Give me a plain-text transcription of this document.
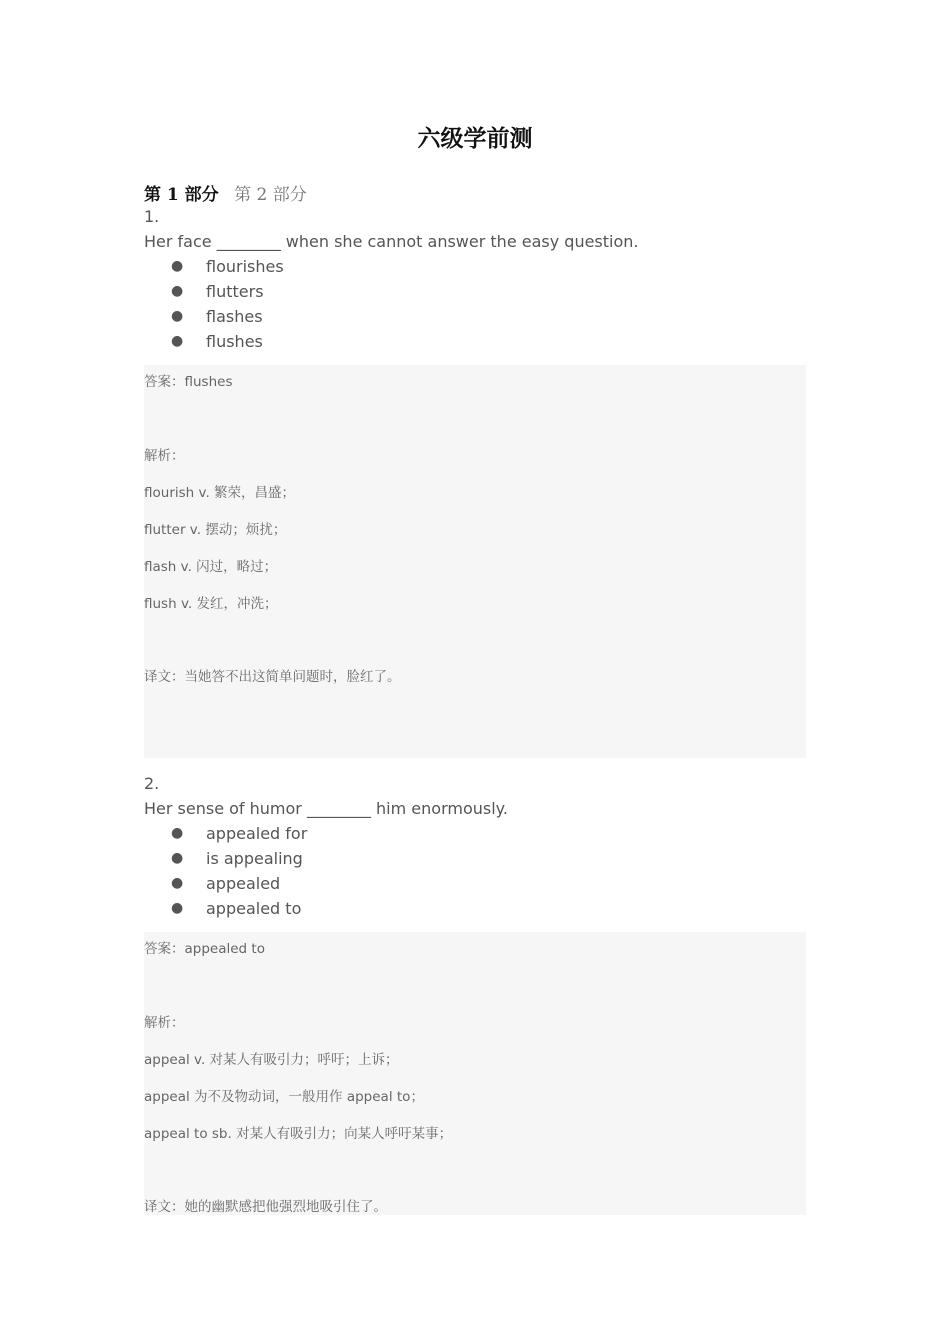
六级学前测
第 1 部分 第 2 部分
1.
Her face ________ when she cannot answer the easy question.
● flourishes
● flutters
● flashes
● flushes
答案：flushes
解析：
flourish v. 繁荣，昌盛；
flutter v. 摆动；烦扰；
flash v. 闪过，略过；
flush v. 发红，冲洗；
译文：当她答不出这简单问题时，脸红了。
2.
Her sense of humor ________ him enormously.
● appealed for
● is appealing
● appealed
● appealed to
答案：appealed to
解析：
appeal v. 对某人有吸引力；呼吁；上诉；
appeal 为不及物动词，一般用作 appeal to；
appeal to sb. 对某人有吸引力；向某人呼吁某事；
译文：她的幽默感把他强烈地吸引住了。
